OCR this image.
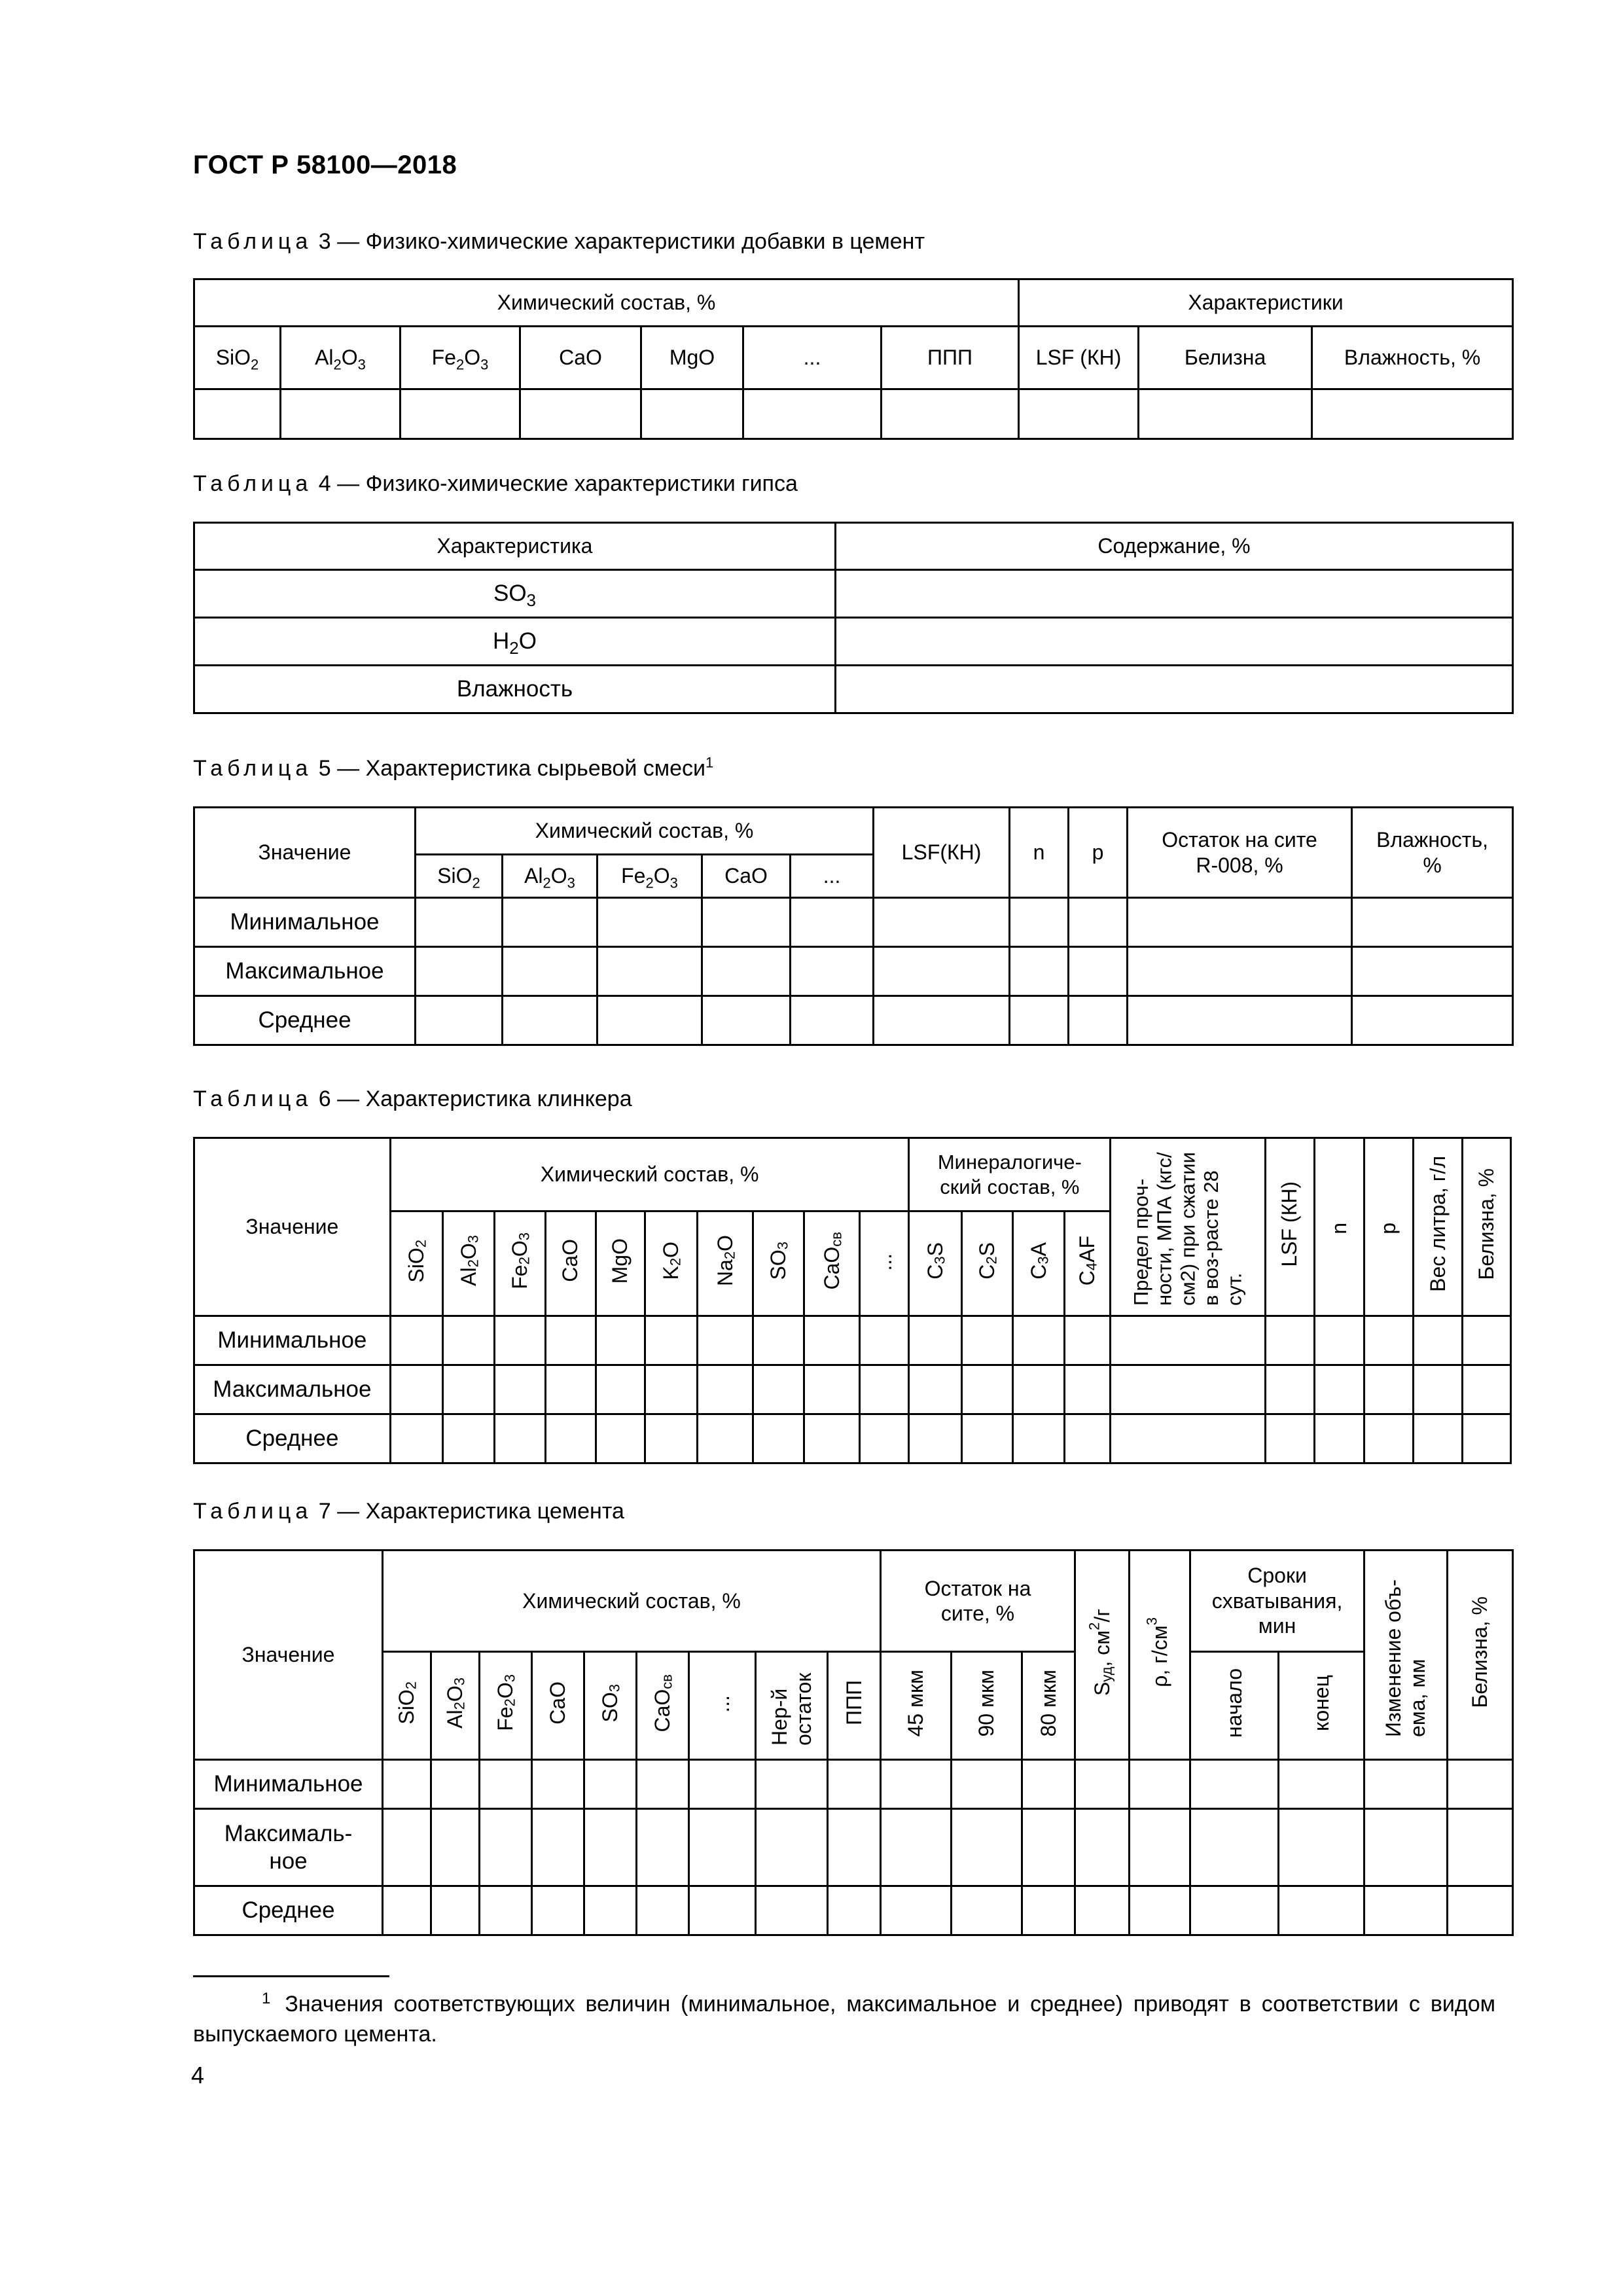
ГОСТ Р 58100—2018
Таблица 3 — Физико-химические характеристики добавки в цемент
Химический состав, %							Характеристики		
SiO$_2$	$Al_2O_3$	$Fe_2O_3$	CaO	MgO	...	ППП	LSF (КН)	Белизна	Влажность, %

Таблица 4 — Физико-химические характеристики гипса
Характеристика	Содержание, %
$SO_3$	
$H_2O$	
Влажность	
Таблица 5 — Характеристика сырьевой смеси$^1$
Значение	Химический состав, %					LSF(КН)	n	p	Остаток на сите R-008, %	Влажность, %
	SiO$_2$	$Al_2O_3$	$Fe_2O_3$	CaO	...					
Минимальное										
Максимальное										
Среднее										
Таблица 6 — Характеристика клинкера
Значение	Химический состав, %										Минералогиче-ский состав, %				Предел проч-ности, МПА (кгс/см2) при сжатии в воз-расте 28 сут.	LSF (КН)	n	p	Вес литра, г/л	Белизна, %
	SiO$_2$	$Al_2O_3$	$Fe_2O_3$	CaO	MgO	$K_2O$	$Na_2O$	$SO_3$	CaO$_{св}$	...	$C_3S$	$C_2S$	$C_3A$	$C_4AF$						
Минимальное																				
Максимальное																				
Среднее																				
Таблица 7 — Характеристика цемента
Значение	Химический состав, %									Остаток на сите, %			$S_{уд}$, $см^2/г$	ρ, $г/см^3$	Сроки схватывания, мин		Изменение объ-ема, мм	Белизна, %
	SiO$_2$	$Al_2O_3$	$Fe_2O_3$	CaO	$SO_3$	CaO$_{св}$	...	Нер-й остаток	ППП	45 мкм	90 мкм	80 мкм			начало	конец		
Минимальное																		
Максималь-ное																		
Среднее																		
1 Значения соответствующих величин (минимальное, максимальное и среднее) приводят в соответствии с видом выпускаемого цемента.
4
